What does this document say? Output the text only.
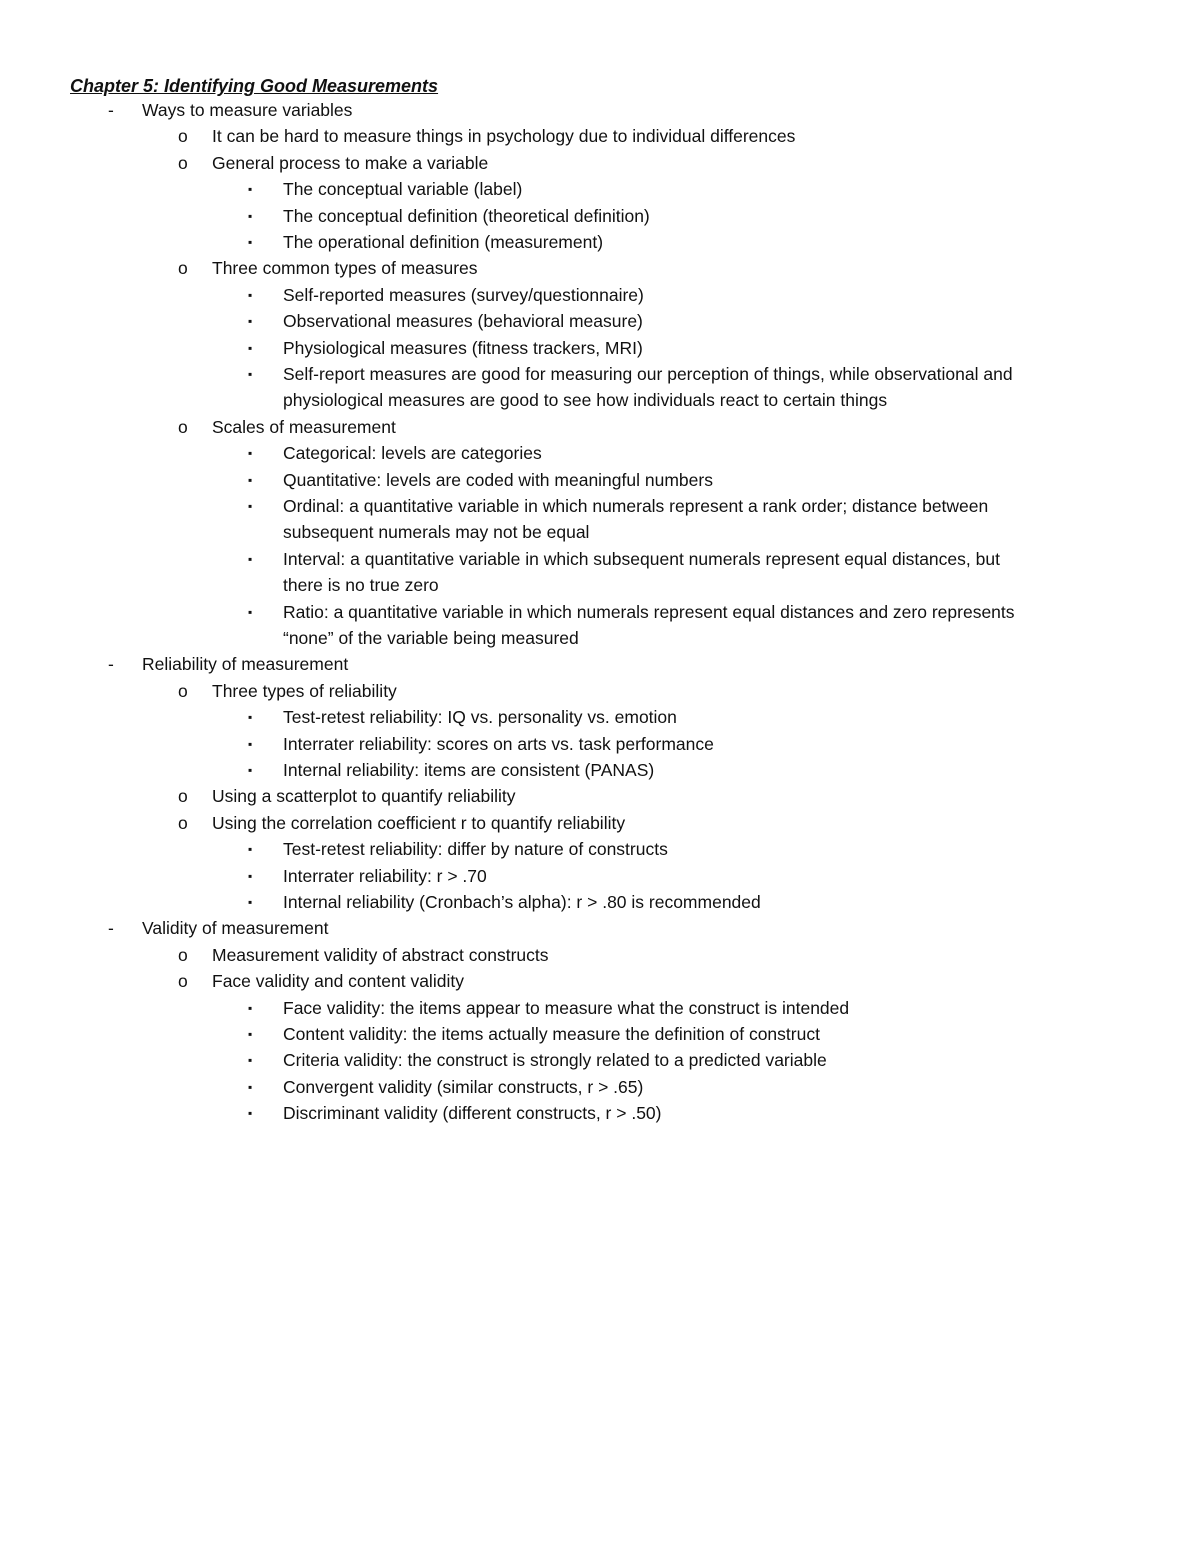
Chapter 5: Identifying Good Measurements
- Ways to measure variables
o It can be hard to measure things in psychology due to individual differences
o General process to make a variable
▪ The conceptual variable (label)
▪ The conceptual definition (theoretical definition)
▪ The operational definition (measurement)
o Three common types of measures
▪ Self-reported measures (survey/questionnaire)
▪ Observational measures (behavioral measure)
▪ Physiological measures (fitness trackers, MRI)
▪ Self-report measures are good for measuring our perception of things, while observational and
physiological measures are good to see how individuals react to certain things
o Scales of measurement
▪ Categorical: levels are categories
▪ Quantitative: levels are coded with meaningful numbers
▪ Ordinal: a quantitative variable in which numerals represent a rank order; distance between
subsequent numerals may not be equal
▪ Interval: a quantitative variable in which subsequent numerals represent equal distances, but
there is no true zero
▪ Ratio: a quantitative variable in which numerals represent equal distances and zero represents
“none” of the variable being measured
- Reliability of measurement
o Three types of reliability
▪ Test-retest reliability: IQ vs. personality vs. emotion
▪ Interrater reliability: scores on arts vs. task performance
▪ Internal reliability: items are consistent (PANAS)
o Using a scatterplot to quantify reliability
o Using the correlation coefficient r to quantify reliability
▪ Test-retest reliability: differ by nature of constructs
▪ Interrater reliability: r > .70
▪ Internal reliability (Cronbach’s alpha): r > .80 is recommended
- Validity of measurement
o Measurement validity of abstract constructs
o Face validity and content validity
▪ Face validity: the items appear to measure what the construct is intended
▪ Content validity: the items actually measure the definition of construct
▪ Criteria validity: the construct is strongly related to a predicted variable
▪ Convergent validity (similar constructs, r > .65)
▪ Discriminant validity (different constructs, r > .50)
